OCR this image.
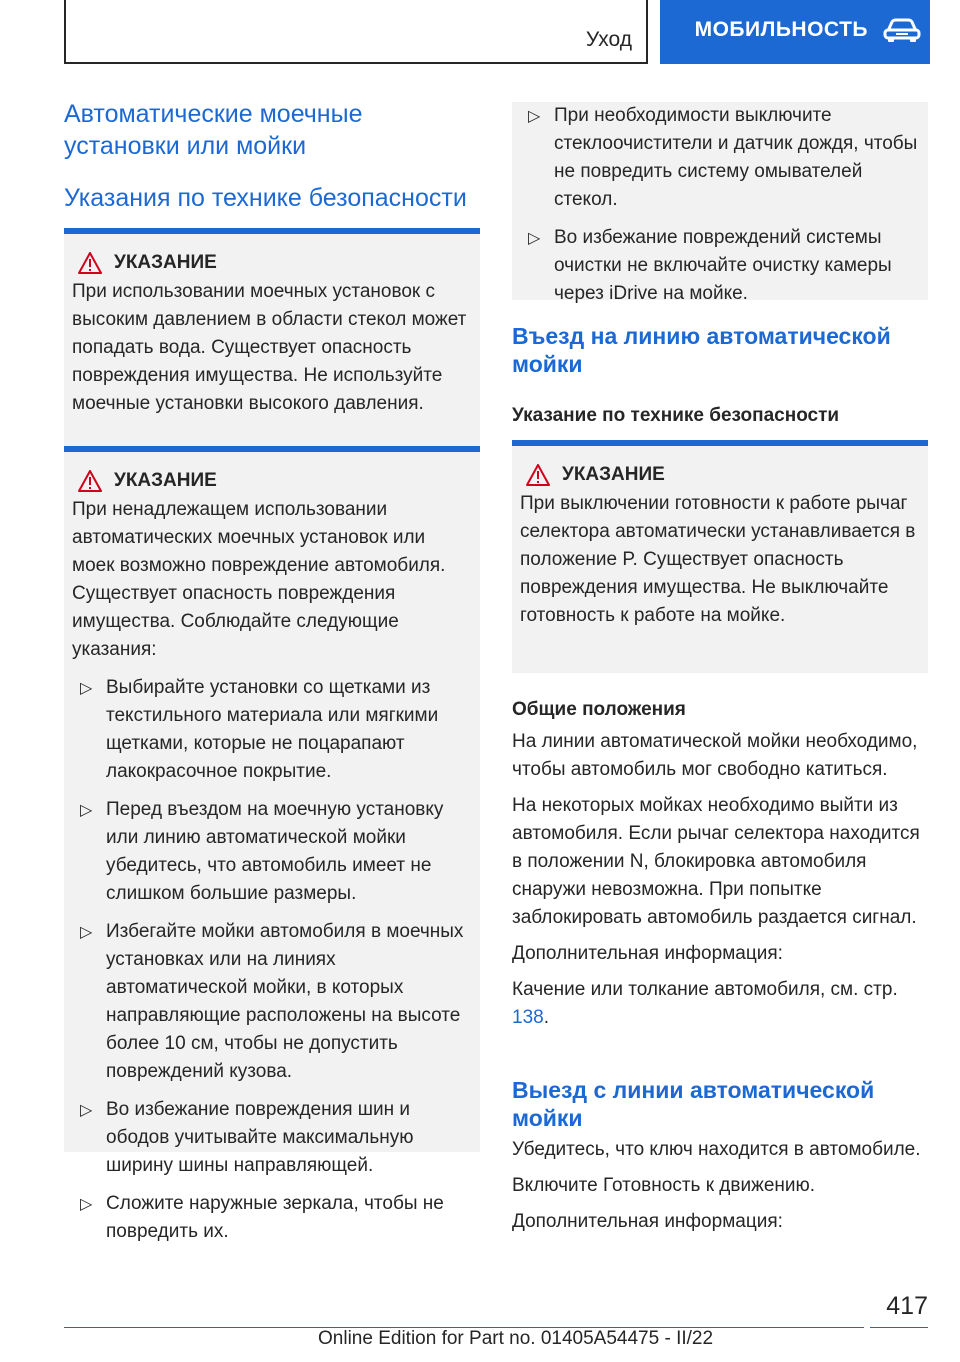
Уход	МОБИЛЬНОСТЬ
Автоматические моечные установки или мойки
Указания по технике безопасности
УКАЗАНИЕ

При использовании моечных установок с высоким давлением в области стекол может попадать вода. Существует опасность повреждения имущества. Не используйте моечные установки высокого давления.

УКАЗАНИЕ

При ненадлежащем использовании автоматических моечных установок или моек возможно повреждение автомобиля. Существует опасность повреждения имущества. Соблюдайте следующие указания:

▷ Выбирайте установки со щетками из текстильного материала или мягкими щетками, которые не поцарапают лакокрасочное покрытие.
▷ Перед въездом на моечную установку или линию автоматической мойки убедитесь, что автомобиль имеет не слишком большие размеры.
▷ Избегайте мойки автомобиля в моечных установках или на линиях автоматической мойки, в которых направляющие расположены на высоте более 10 см, чтобы не допустить повреждений кузова.
▷ Во избежание повреждения шин и ободов учитывайте максимальную ширину шины направляющей.
▷ Сложите наружные зеркала, чтобы не повредить их.
▷ При необходимости выключите стеклоочистители и датчик дождя, чтобы не повредить систему омывателей стекол.
▷ Во избежание повреждений системы очистки не включайте очистку камеры через iDrive на мойке.
Въезд на линию автоматической мойки
Указание по технике безопасности
УКАЗАНИЕ

При выключении готовности к работе рычаг селектора автоматически устанавливается в положение P. Существует опасность повреждения имущества. Не выключайте готовность к работе на мойке.

Общие положения

На линии автоматической мойки необходимо, чтобы автомобиль мог свободно катиться.

На некоторых мойках необходимо выйти из автомобиля. Если рычаг селектора находится в положении N, блокировка автомобиля снаружи невозможна. При попытке заблокировать автомобиль раздается сигнал.

Дополнительная информация:

Качение или толкание автомобиля, см. стр. 138.

Выезд с линии автоматической мойки

Убедитесь, что ключ находится в автомобиле.

Включите Готовность к движению.

Дополнительная информация:

417
Online Edition for Part no. 01405A54475 - II/22
